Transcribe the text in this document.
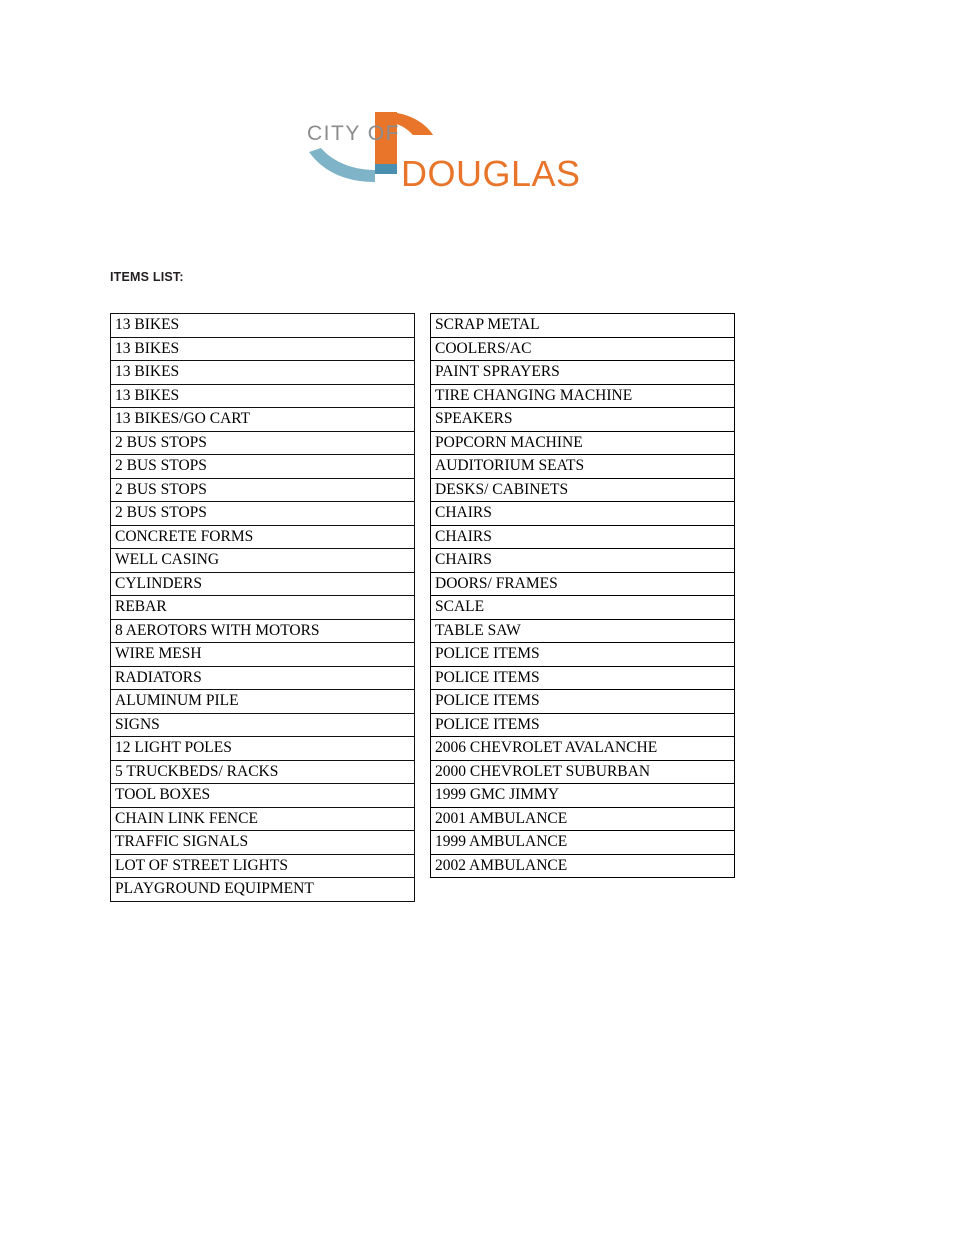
CITY OF
DOUGLAS
ITEMS LIST:
13 BIKES
13 BIKES
13 BIKES
13 BIKES
13 BIKES/GO CART
2 BUS STOPS
2 BUS STOPS
2 BUS STOPS
2 BUS STOPS
CONCRETE FORMS
WELL CASING
CYLINDERS
REBAR
8 AEROTORS WITH MOTORS
WIRE MESH
RADIATORS
ALUMINUM PILE
SIGNS
12 LIGHT POLES
5 TRUCKBEDS/ RACKS
TOOL BOXES
CHAIN LINK FENCE
TRAFFIC SIGNALS
LOT OF STREET LIGHTS
PLAYGROUND EQUIPMENT
SCRAP METAL
COOLERS/AC
PAINT SPRAYERS
TIRE CHANGING MACHINE
SPEAKERS
POPCORN MACHINE
AUDITORIUM SEATS
DESKS/ CABINETS
CHAIRS
CHAIRS
CHAIRS
DOORS/ FRAMES
SCALE
TABLE SAW
POLICE ITEMS
POLICE ITEMS
POLICE ITEMS
POLICE ITEMS
2006 CHEVROLET AVALANCHE
2000 CHEVROLET SUBURBAN
1999 GMC JIMMY
2001 AMBULANCE
1999 AMBULANCE
2002 AMBULANCE
